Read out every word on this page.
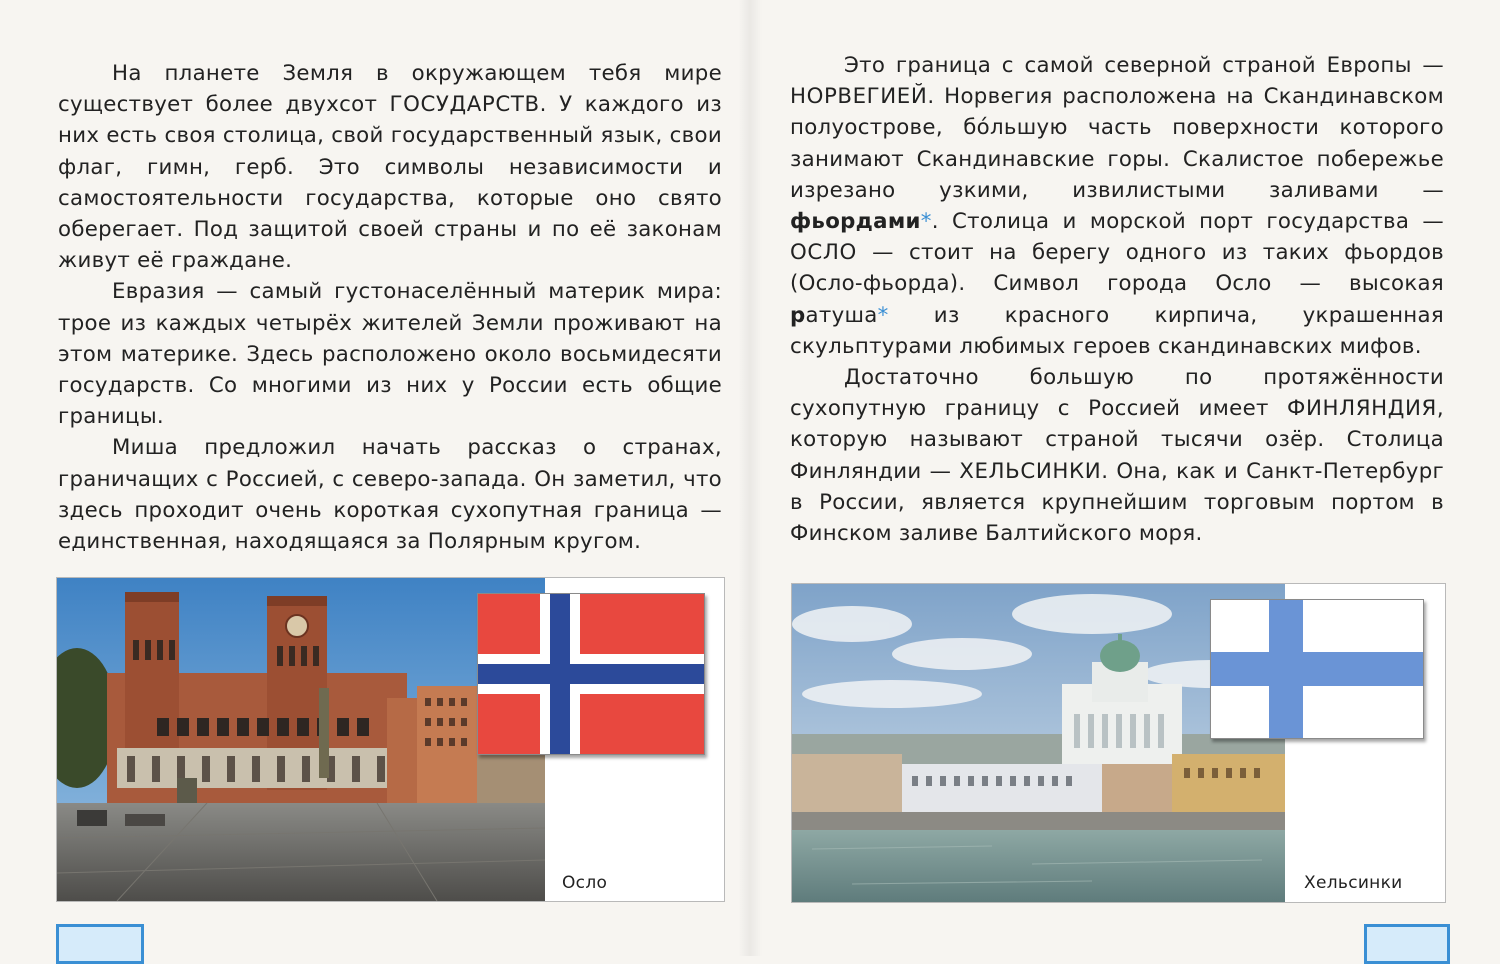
На планете Земля в окружающем тебя мире существует более двухсот ГОСУДАРСТВ. У каждого из них есть своя столица, свой государственный язык, свои флаг, гимн, герб. Это символы независимости и самостоятельности государства, которые оно свято оберегает. Под защитой своей страны и по её законам живут её граждане.

Евразия — самый густонаселённый материк мира: трое из каждых четырёх жителей Земли проживают на этом материке. Здесь расположено около восьмидесяти государств. Со многими из них у России есть общие границы.

Миша предложил начать рассказ о странах, граничащих с Россией, с северо-запада. Он заметил, что здесь проходит очень короткая сухопутная граница — единственная, находящаяся за Полярным кругом.

Осло

Это граница с самой северной страной Европы — НОРВЕГИЕЙ. Норвегия расположена на Скандинавском полуострове, бóльшую часть поверхности которого занимают Скандинавские горы. Скалистое побережье изрезано узкими, извилистыми заливами — фьордами*. Столица и морской порт государства — ОСЛО — стоит на берегу одного из таких фьордов (Осло-фьорда). Символ города Осло — высокая ратуша* из красного кирпича, украшенная скульптурами любимых героев скандинавских мифов.

Достаточно большую по протяжённости сухопутную границу с Россией имеет ФИНЛЯНДИЯ, которую называют страной тысячи озёр. Столица Финляндии — ХЕЛЬСИНКИ. Она, как и Санкт-Петербург в России, является крупнейшим торговым портом в Финском заливе Балтийского моря.

Хельсинки
